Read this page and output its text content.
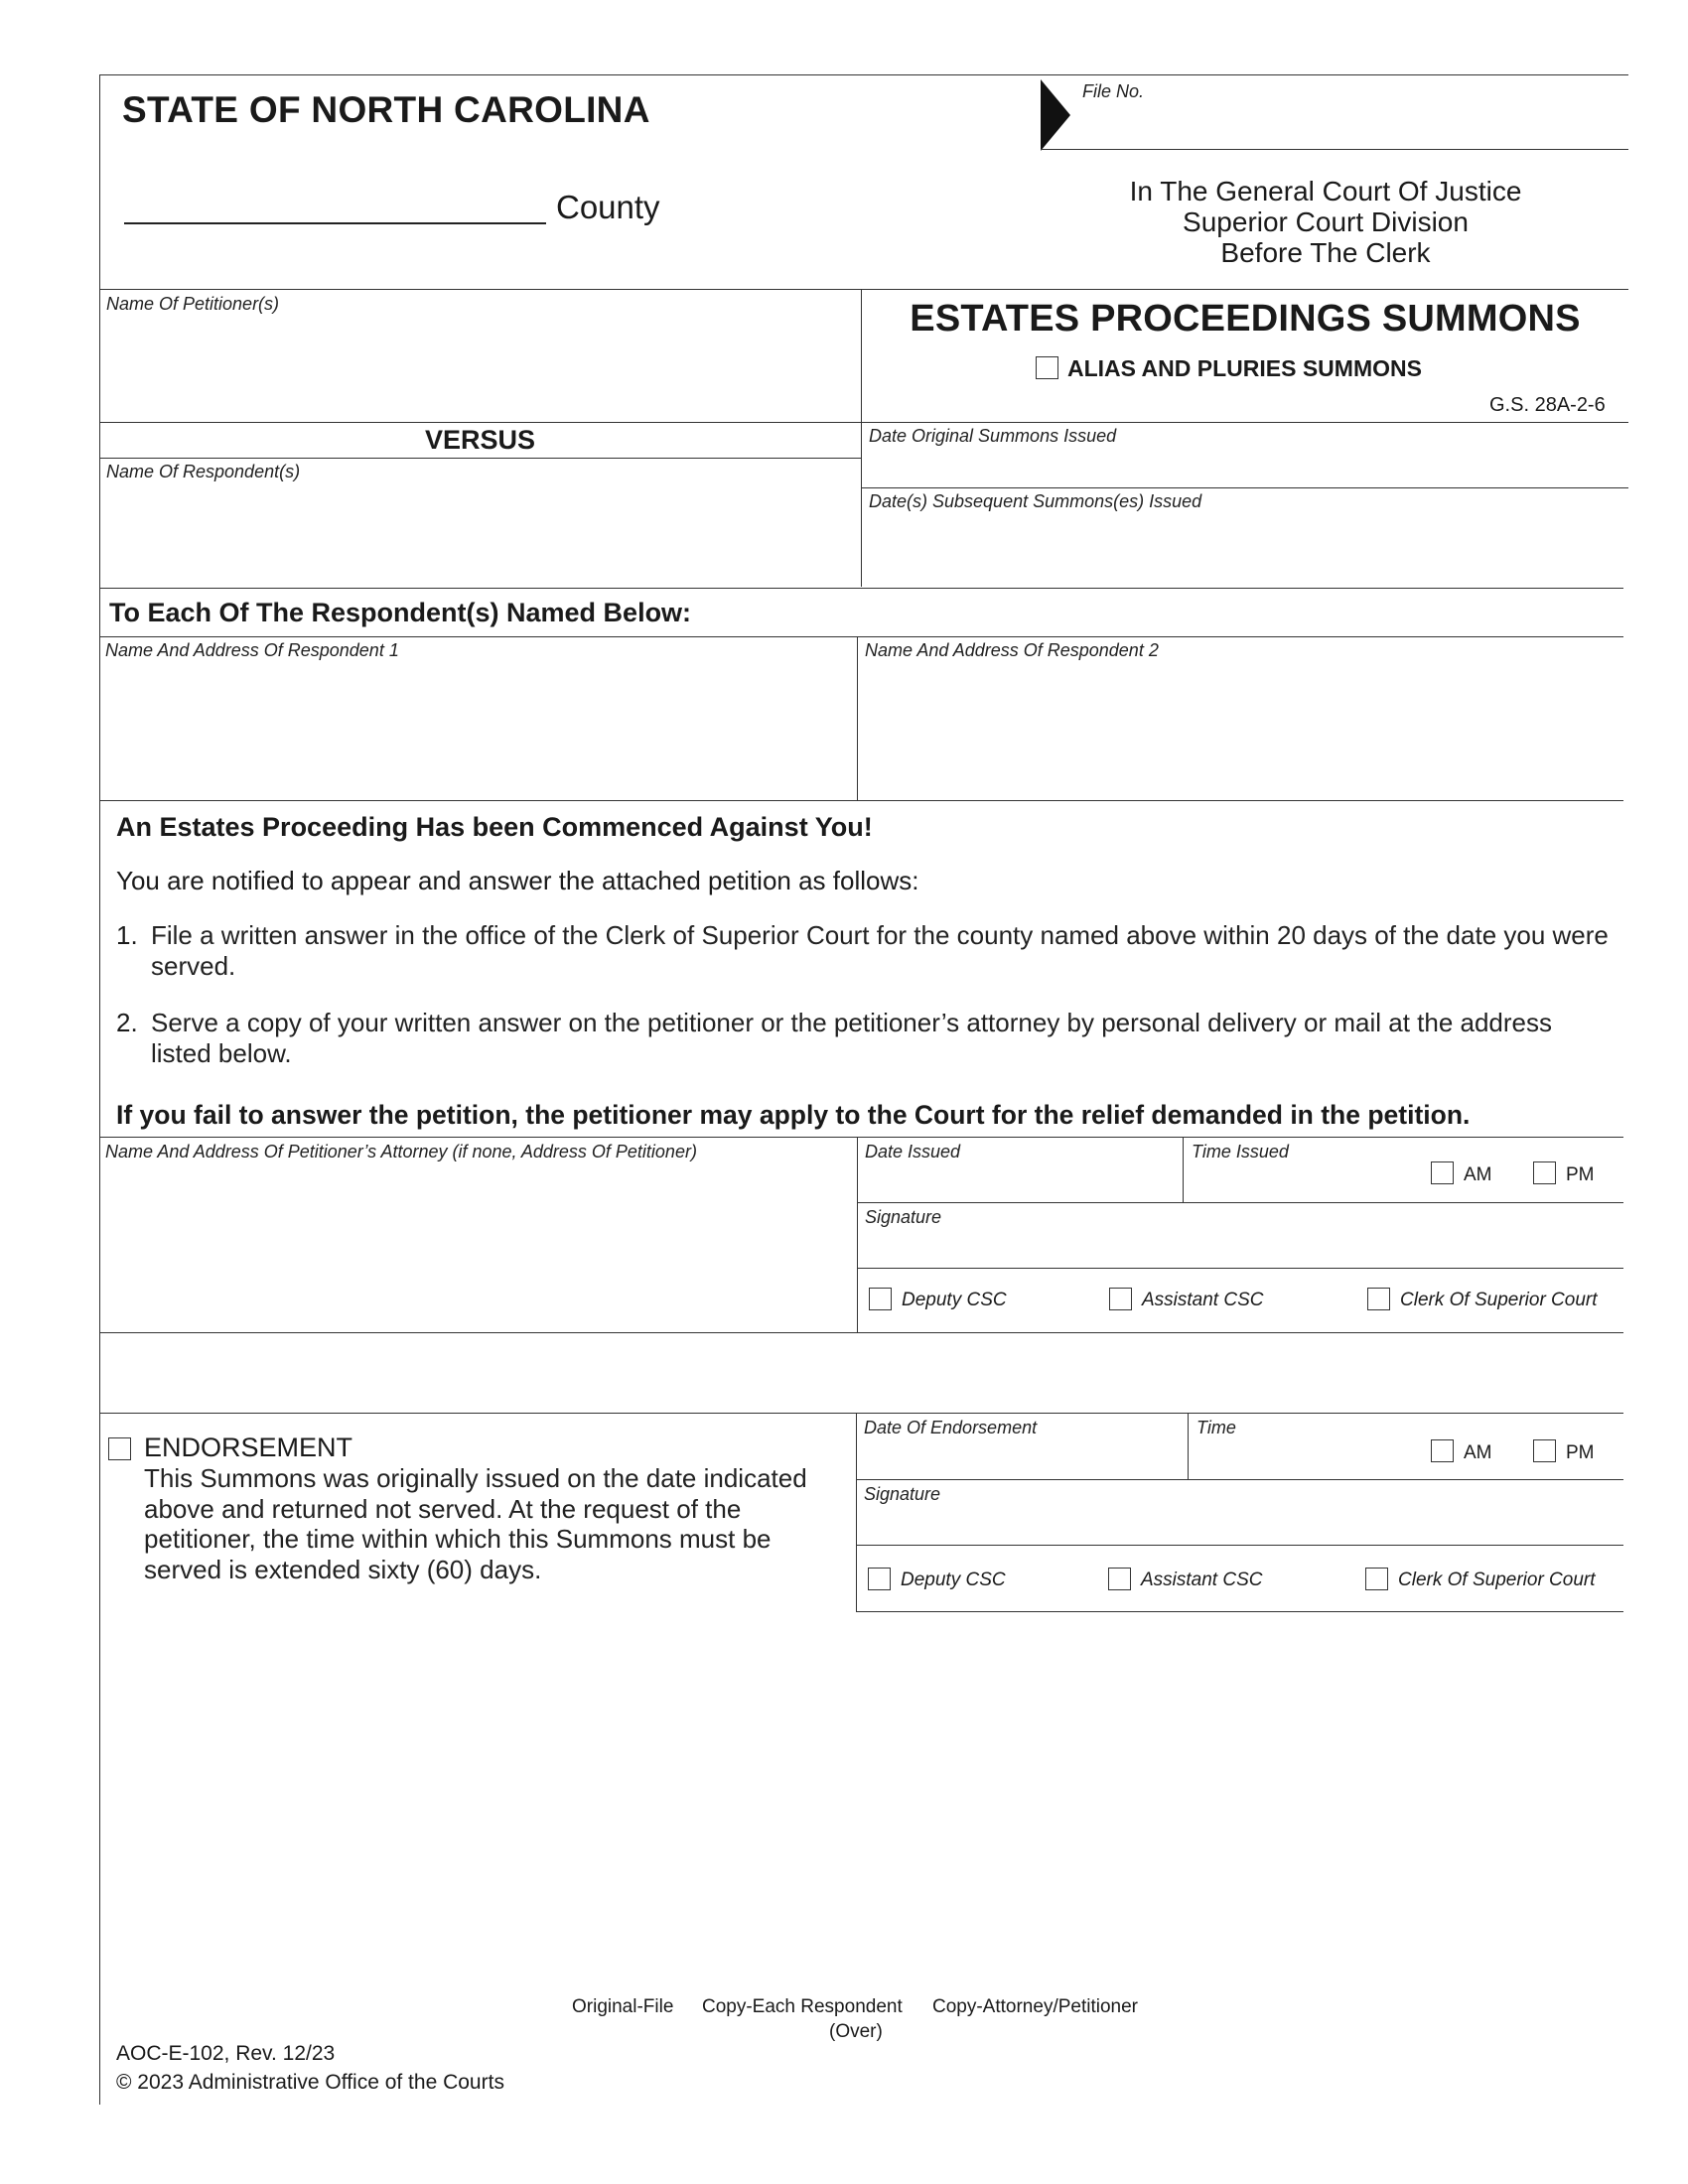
STATE OF NORTH CAROLINA
County
File No.
In The General Court Of Justice
Superior Court Division
Before The Clerk
Name Of Petitioner(s)
VERSUS
Name Of Respondent(s)
ESTATES PROCEEDINGS SUMMONS
ALIAS AND PLURIES SUMMONS
G.S. 28A-2-6
Date Original Summons Issued
Date(s) Subsequent Summons(es) Issued
To Each Of The Respondent(s) Named Below:
Name And Address Of Respondent 1	Name And Address Of Respondent 2
An Estates Proceeding Has been Commenced Against You!
You are notified to appear and answer the attached petition as follows:
1. File a written answer in the office of the Clerk of Superior Court for the county named above within 20 days of the date you were served.
2. Serve a copy of your written answer on the petitioner or the petitioner’s attorney by personal delivery or mail at the address listed below.
If you fail to answer the petition, the petitioner may apply to the Court for the relief demanded in the petition.
Name And Address Of Petitioner’s Attorney (if none, Address Of Petitioner)	Date Issued	Time Issued
AM	PM
Signature
Deputy CSC	Assistant CSC	Clerk Of Superior Court
ENDORSEMENT
This Summons was originally issued on the date indicated above and returned not served. At the request of the petitioner, the time within which this Summons must be served is extended sixty (60) days.
Date Of Endorsement	Time
AM	PM
Signature
Deputy CSC	Assistant CSC	Clerk Of Superior Court
Original-File Copy-Each Respondent Copy-Attorney/Petitioner
(Over)
AOC-E-102, Rev. 12/23
© 2023 Administrative Office of the Courts
